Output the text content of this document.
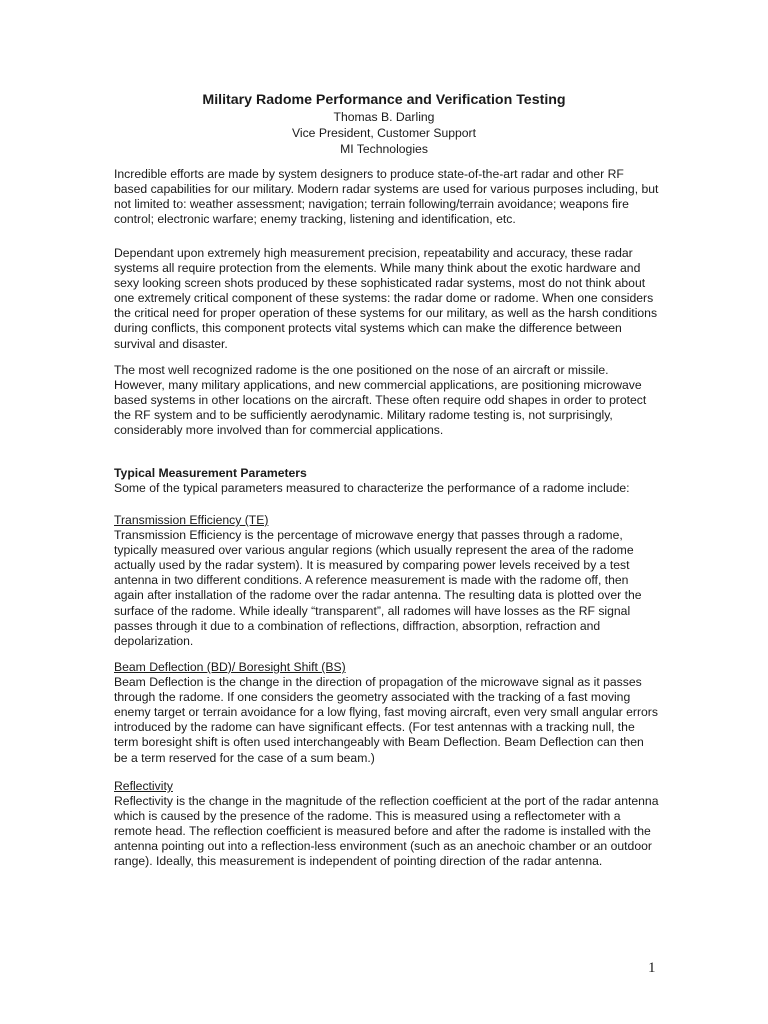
Military Radome Performance and Verification Testing
Thomas B. Darling
Vice President, Customer Support
MI Technologies

Incredible efforts are made by system designers to produce state-of-the-art radar and other RF based capabilities for our military. Modern radar systems are used for various purposes including, but not limited to: weather assessment; navigation; terrain following/terrain avoidance; weapons fire control; electronic warfare; enemy tracking, listening and identification, etc.

Dependant upon extremely high measurement precision, repeatability and accuracy, these radar systems all require protection from the elements. While many think about the exotic hardware and sexy looking screen shots produced by these sophisticated radar systems, most do not think about one extremely critical component of these systems: the radar dome or radome. When one considers the critical need for proper operation of these systems for our military, as well as the harsh conditions during conflicts, this component protects vital systems which can make the difference between survival and disaster.

The most well recognized radome is the one positioned on the nose of an aircraft or missile. However, many military applications, and new commercial applications, are positioning microwave based systems in other locations on the aircraft. These often require odd shapes in order to protect the RF system and to be sufficiently aerodynamic. Military radome testing is, not surprisingly, considerably more involved than for commercial applications.

Typical Measurement Parameters

Some of the typical parameters measured to characterize the performance of a radome include:

Transmission Efficiency (TE)

Transmission Efficiency is the percentage of microwave energy that passes through a radome, typically measured over various angular regions (which usually represent the area of the radome actually used by the radar system). It is measured by comparing power levels received by a test antenna in two different conditions. A reference measurement is made with the radome off, then again after installation of the radome over the radar antenna. The resulting data is plotted over the surface of the radome. While ideally “transparent”, all radomes will have losses as the RF signal passes through it due to a combination of reflections, diffraction, absorption, refraction and depolarization.

Beam Deflection (BD)/ Boresight Shift (BS)

Beam Deflection is the change in the direction of propagation of the microwave signal as it passes through the radome. If one considers the geometry associated with the tracking of a fast moving enemy target or terrain avoidance for a low flying, fast moving aircraft, even very small angular errors introduced by the radome can have significant effects. (For test antennas with a tracking null, the term boresight shift is often used interchangeably with Beam Deflection. Beam Deflection can then be a term reserved for the case of a sum beam.)

Reflectivity

Reflectivity is the change in the magnitude of the reflection coefficient at the port of the radar antenna which is caused by the presence of the radome. This is measured using a reflectometer with a remote head. The reflection coefficient is measured before and after the radome is installed with the antenna pointing out into a reflection-less environment (such as an anechoic chamber or an outdoor range). Ideally, this measurement is independent of pointing direction of the radar antenna.

1
